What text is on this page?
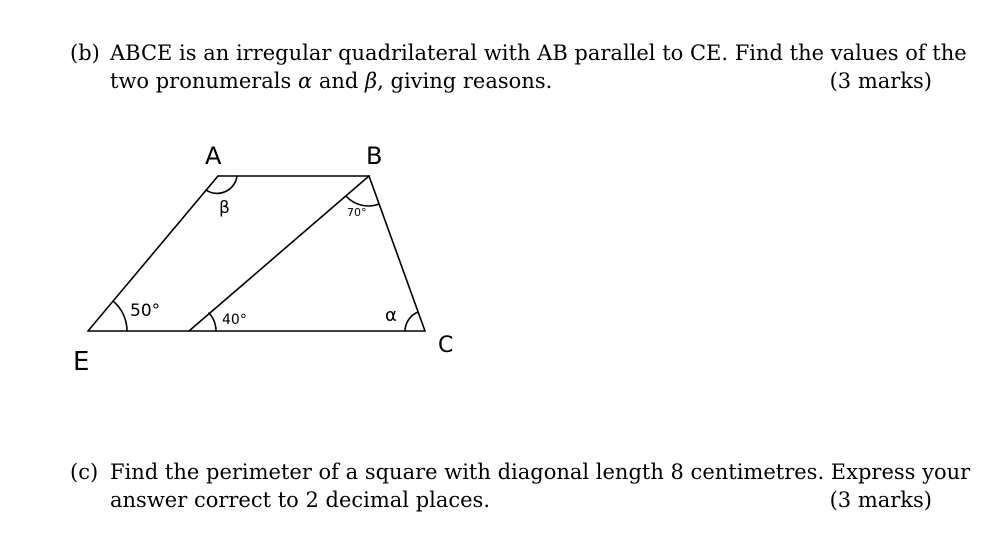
(b) ABCE is an irregular quadrilateral with AB parallel to CE. Find the values of the
two pronumerals α and β, giving reasons.	(3 marks)
A	B
C
E
50°	40°
70°
β
α
(c) Find the perimeter of a square with diagonal length 8 centimetres. Express your
answer correct to 2 decimal places.	(3 marks)
